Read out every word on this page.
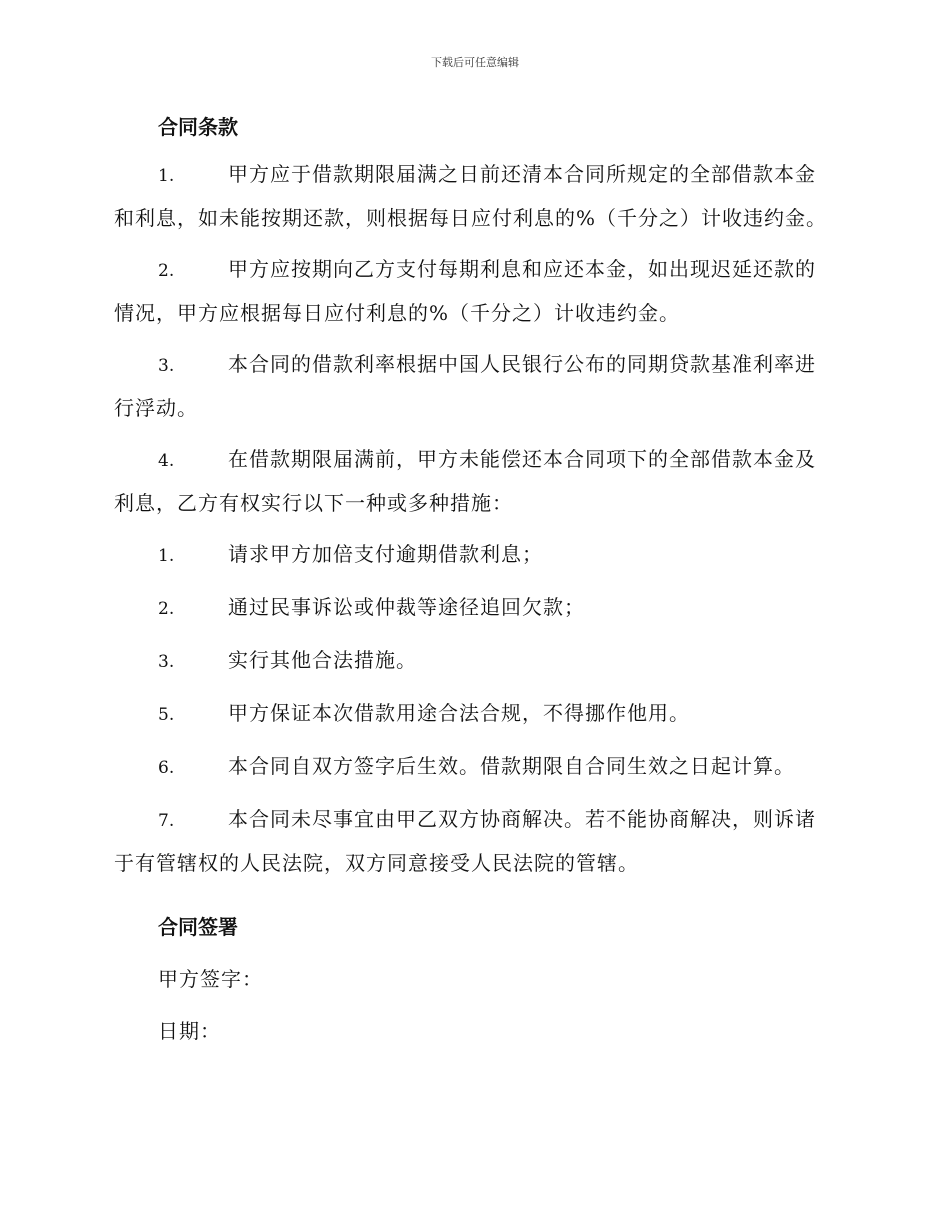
下载后可任意编辑
合同条款
1.	甲方应于借款期限届满之日前还清本合同所规定的全部借款本金和利息，如未能按期还款，则根据每日应付利息的%（千分之）计收违约金。
2.	甲方应按期向乙方支付每期利息和应还本金，如出现迟延还款的情况，甲方应根据每日应付利息的%（千分之）计收违约金。
3.	本合同的借款利率根据中国人民银行公布的同期贷款基准利率进行浮动。
4.	在借款期限届满前，甲方未能偿还本合同项下的全部借款本金及利息，乙方有权实行以下一种或多种措施：
1.	请求甲方加倍支付逾期借款利息；
2.	通过民事诉讼或仲裁等途径追回欠款；
3.	实行其他合法措施。
5.	甲方保证本次借款用途合法合规，不得挪作他用。
6.	本合同自双方签字后生效。借款期限自合同生效之日起计算。
7.	本合同未尽事宜由甲乙双方协商解决。若不能协商解决，则诉诸于有管辖权的人民法院，双方同意接受人民法院的管辖。
合同签署
甲方签字：
日期：
